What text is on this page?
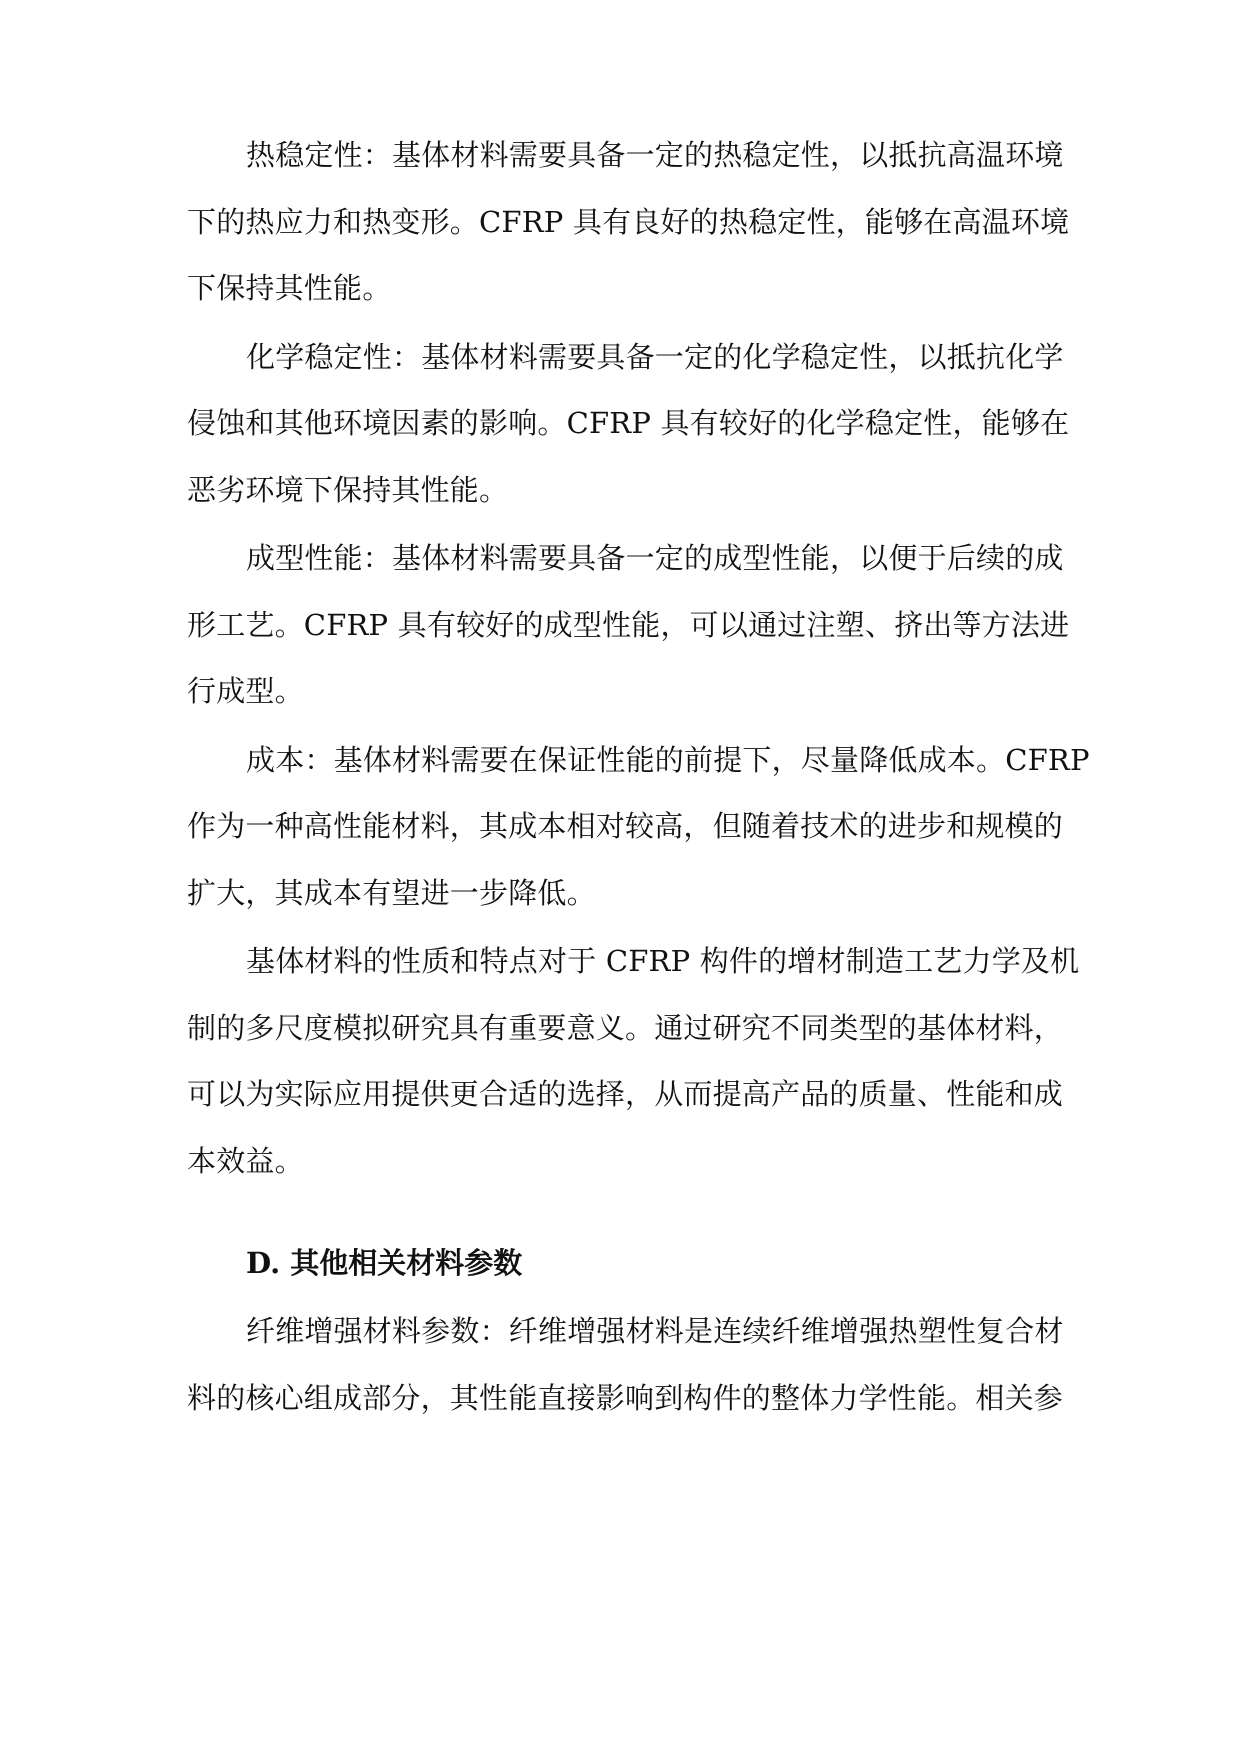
热稳定性：基体材料需要具备一定的热稳定性，以抵抗高温环境
下的热应力和热变形。CFRP 具有良好的热稳定性，能够在高温环境
下保持其性能。
化学稳定性：基体材料需要具备一定的化学稳定性，以抵抗化学
侵蚀和其他环境因素的影响。CFRP 具有较好的化学稳定性，能够在
恶劣环境下保持其性能。
成型性能：基体材料需要具备一定的成型性能，以便于后续的成
形工艺。CFRP 具有较好的成型性能，可以通过注塑、挤出等方法进
行成型。
成本：基体材料需要在保证性能的前提下，尽量降低成本。CFRP
作为一种高性能材料，其成本相对较高，但随着技术的进步和规模的
扩大，其成本有望进一步降低。
基体材料的性质和特点对于 CFRP 构件的增材制造工艺力学及机
制的多尺度模拟研究具有重要意义。通过研究不同类型的基体材料，
可以为实际应用提供更合适的选择，从而提高产品的质量、性能和成
本效益。
D. 其他相关材料参数
纤维增强材料参数：纤维增强材料是连续纤维增强热塑性复合材
料的核心组成部分，其性能直接影响到构件的整体力学性能。相关参
